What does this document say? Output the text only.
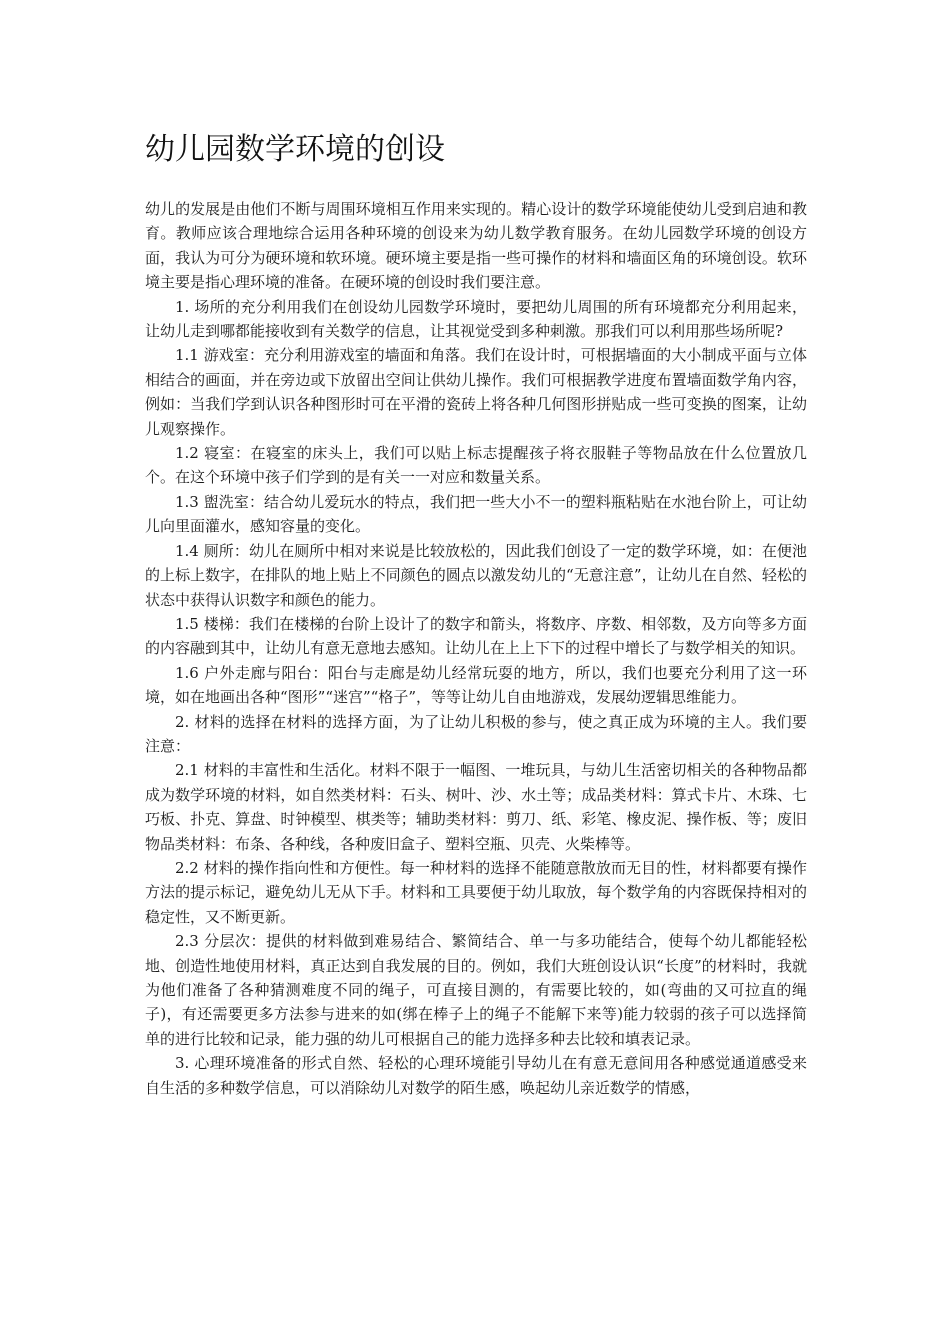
幼儿园数学环境的创设

幼儿的发展是由他们不断与周围环境相互作用来实现的。精心设计的数学环境能使幼儿受到启迪和教育。教师应该合理地综合运用各种环境的创设来为幼儿数学教育服务。在幼儿园数学环境的创设方面，我认为可分为硬环境和软环境。硬环境主要是指一些可操作的材料和墙面区角的环境创设。软环境主要是指心理环境的准备。在硬环境的创设时我们要注意。

1. 场所的充分利用我们在创设幼儿园数学环境时，要把幼儿周围的所有环境都充分利用起来，让幼儿走到哪都能接收到有关数学的信息，让其视觉受到多种刺激。那我们可以利用那些场所呢?

1.1 游戏室：充分利用游戏室的墙面和角落。我们在设计时，可根据墙面的大小制成平面与立体相结合的画面，并在旁边或下放留出空间让供幼儿操作。我们可根据教学进度布置墙面数学角内容，例如：当我们学到认识各种图形时可在平滑的瓷砖上将各种几何图形拼贴成一些可变换的图案，让幼儿观察操作。

1.2 寝室：在寝室的床头上，我们可以贴上标志提醒孩子将衣服鞋子等物品放在什么位置放几个。在这个环境中孩子们学到的是有关一一对应和数量关系。

1.3 盥洗室：结合幼儿爱玩水的特点，我们把一些大小不一的塑料瓶粘贴在水池台阶上，可让幼儿向里面灌水，感知容量的变化。

1.4 厕所：幼儿在厕所中相对来说是比较放松的，因此我们创设了一定的数学环境，如：在便池的上标上数字，在排队的地上贴上不同颜色的圆点以激发幼儿的“无意注意”，让幼儿在自然、轻松的状态中获得认识数字和颜色的能力。

1.5 楼梯：我们在楼梯的台阶上设计了的数字和箭头，将数序、序数、相邻数，及方向等多方面的内容融到其中，让幼儿有意无意地去感知。让幼儿在上上下下的过程中增长了与数学相关的知识。

1.6 户外走廊与阳台：阳台与走廊是幼儿经常玩耍的地方，所以，我们也要充分利用了这一环境，如在地画出各种“图形”“迷宫”“格子”，等等让幼儿自由地游戏，发展幼逻辑思维能力。

2. 材料的选择在材料的选择方面，为了让幼儿积极的参与，使之真正成为环境的主人。我们要注意：

2.1 材料的丰富性和生活化。材料不限于一幅图、一堆玩具，与幼儿生活密切相关的各种物品都成为数学环境的材料，如自然类材料：石头、树叶、沙、水土等；成品类材料：算式卡片、木珠、七巧板、扑克、算盘、时钟模型、棋类等；辅助类材料：剪刀、纸、彩笔、橡皮泥、操作板、等；废旧物品类材料：布条、各种线，各种废旧盒子、塑料空瓶、贝壳、火柴棒等。

2.2 材料的操作指向性和方便性。每一种材料的选择不能随意散放而无目的性，材料都要有操作方法的提示标记，避免幼儿无从下手。材料和工具要便于幼儿取放，每个数学角的内容既保持相对的稳定性，又不断更新。

2.3 分层次：提供的材料做到难易结合、繁简结合、单一与多功能结合，使每个幼儿都能轻松地、创造性地使用材料，真正达到自我发展的目的。例如，我们大班创设认识“长度”的材料时，我就为他们准备了各种猜测难度不同的绳子，可直接目测的，有需要比较的，如(弯曲的又可拉直的绳子)，有还需要更多方法参与进来的如(绑在棒子上的绳子不能解下来等)能力较弱的孩子可以选择简单的进行比较和记录，能力强的幼儿可根据自己的能力选择多种去比较和填表记录。

3. 心理环境准备的形式自然、轻松的心理环境能引导幼儿在有意无意间用各种感觉通道感受来自生活的多种数学信息，可以消除幼儿对数学的陌生感，唤起幼儿亲近数学的情感，
